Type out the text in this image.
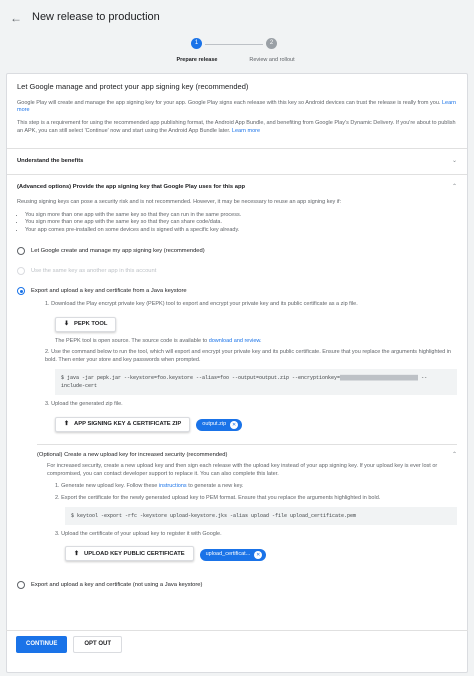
← New release to production
1	2
Prepare release	Review and rollout
Let Google manage and protect your app signing key (recommended)

Google Play will create and manage the app signing key for your app. Google Play signs each release with this key so Android devices can trust the release is really from you. Learn more

This step is a requirement for using the recommended app publishing format, the Android App Bundle, and benefiting from Google Play's Dynamic Delivery. If you're about to publish an APK, you can still select 'Continue' now and start using the Android App Bundle later. Learn more

Understand the benefits	⌄
(Advanced options) Provide the app signing key that Google Play uses for this app	⌃

Reusing signing keys can pose a security risk and is not recommended. However, it may be necessary to reuse an app signing key if:

• You sign more than one app with the same key so that they can run in the same process.
• You sign more than one app with the same key so that they can share code/data.
• Your app comes pre-installed on some devices and is signed with a specific key already.
Let Google create and manage my app signing key (recommended)
Use the same key as another app in this account
Export and upload a key and certificate from a Java keystore
1. Download the Play encrypt private key (PEPK) tool to export and encrypt your private key and its public certificate as a zip file.
⬇ PEPK TOOL
The PEPK tool is open source. The source code is available to download and review.
2. Use the command below to run the tool, which will export and encrypt your private key and its public certificate. Ensure that you replace the arguments highlighted in bold. Then enter your store and key passwords when prompted.
$ java -jar pepk.jar --keystore=foo.keystore --alias=foo --output=output.zip --encryptionkey=██████████████████████████ --include-cert
3. Upload the generated zip file.
⬆ APP SIGNING KEY & CERTIFICATE ZIP	output.zip	✕
(Optional) Create a new upload key for increased security (recommended)	⌃

For increased security, create a new upload key and then sign each release with the upload key instead of your app signing key. If your upload key is ever lost or compromised, you can contact developer support to replace it. You can also complete this later.

1. Generate new upload key. Follow these instructions to generate a new key.
2. Export the certificate for the newly generated upload key to PEM format. Ensure that you replace the arguments highlighted in bold.
$ keytool -export -rfc -keystore upload-keystore.jks -alias upload -file upload_certificate.pem
3. Upload the certificate of your upload key to register it with Google.
⬆ UPLOAD KEY PUBLIC CERTIFICATE	upload_certificat...	✕
Export and upload a key and certificate (not using a Java keystore)
CONTINUE	OPT OUT
